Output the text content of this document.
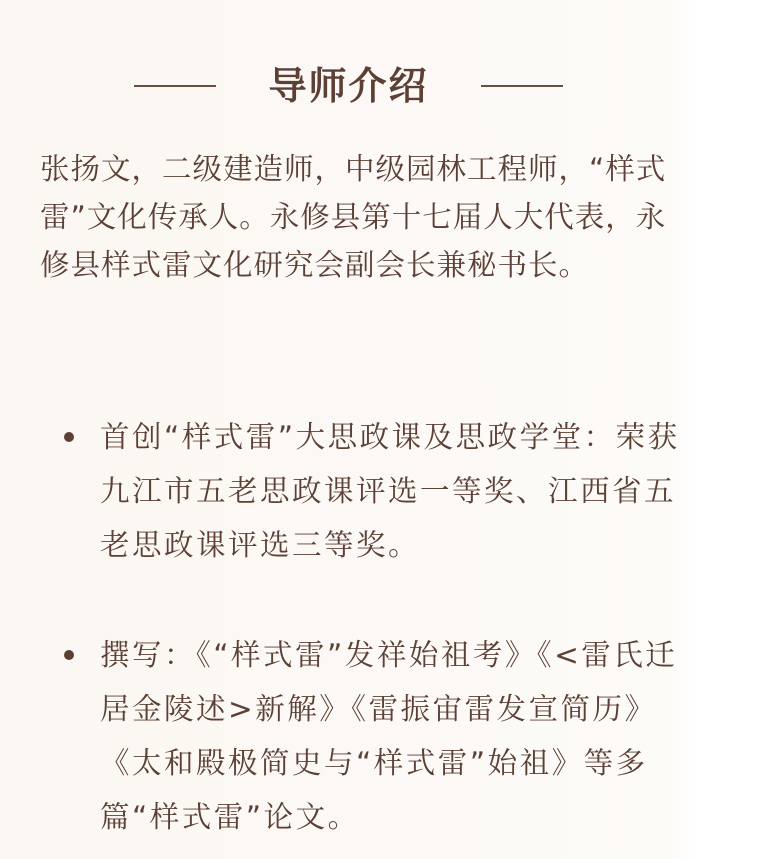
导师介绍

张扬文，二级建造师，中级园林工程师，“样式雷”文化传承人。永修县第十七届人大代表，永修县样式雷文化研究会副会长兼秘书长。

首创“样式雷”大思政课及思政学堂：荣获九江市五老思政课评选一等奖、江西省五老思政课评选三等奖。
撰写：《“样式雷”发祥始祖考》《<雷氏迁居金陵述>新解》《雷振宙雷发宣简历》《太和殿极简史与“样式雷”始祖》等多篇“样式雷”论文。
